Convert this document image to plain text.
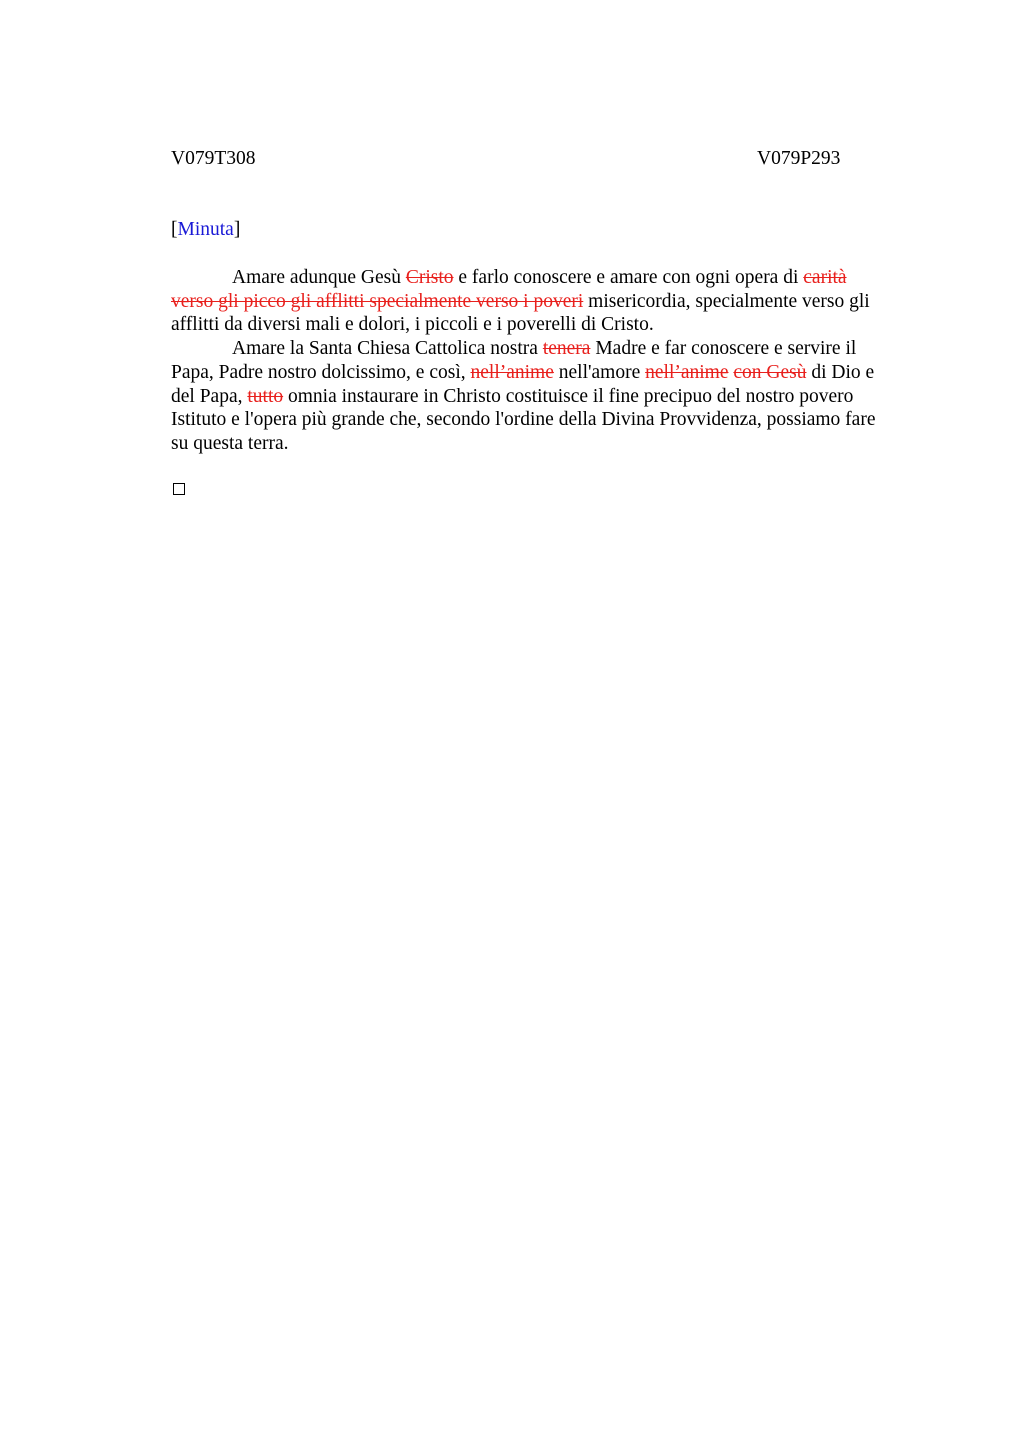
V079T308	V079P293
[Minuta]
Amare adunque Gesù Cristo e farlo conoscere e amare con ogni opera di carità
verso gli picco gli afflitti specialmente verso i poveri misericordia, specialmente verso gli
afflitti da diversi mali e dolori, i piccoli e i poverelli di Cristo.
Amare la Santa Chiesa Cattolica nostra tenera Madre e far conoscere e servire il
Papa, Padre nostro dolcissimo, e così, nell’anime nell'amore nell’anime con Gesù di Dio e
del Papa, tutto omnia instaurare in Christo costituisce il fine precipuo del nostro povero
Istituto e l'opera più grande che, secondo l'ordine della Divina Provvidenza, possiamo fare
su questa terra.
